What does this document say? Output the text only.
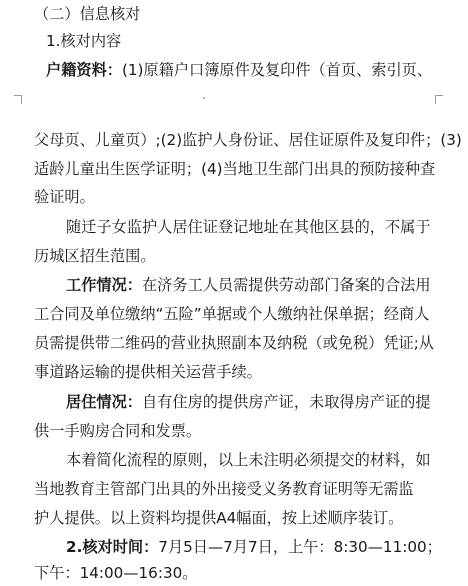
（二）信息核对
1.核对内容
户籍资料：(1)原籍户口簿原件及复印件（首页、索引页、
父母页、儿童页）;(2)监护人身份证、居住证原件及复印件；(3)
适龄儿童出生医学证明；(4)当地卫生部门出具的预防接种查
验证明。
随迁子女监护人居住证登记地址在其他区县的，不属于
历城区招生范围。
工作情况：在济务工人员需提供劳动部门备案的合法用
工合同及单位缴纳“五险”单据或个人缴纳社保单据；经商人
员需提供带二维码的营业执照副本及纳税（或免税）凭证;从
事道路运输的提供相关运营手续。
居住情况：自有住房的提供房产证，未取得房产证的提
供一手购房合同和发票。
本着简化流程的原则，以上未注明必须提交的材料，如
当地教育主管部门出具的外出接受义务教育证明等无需监
护人提供。以上资料均提供A4幅面，按上述顺序装订。
2.核对时间：7月5日—7月7日，上午：8:30—11:00；
下午：14:00—16:30。
